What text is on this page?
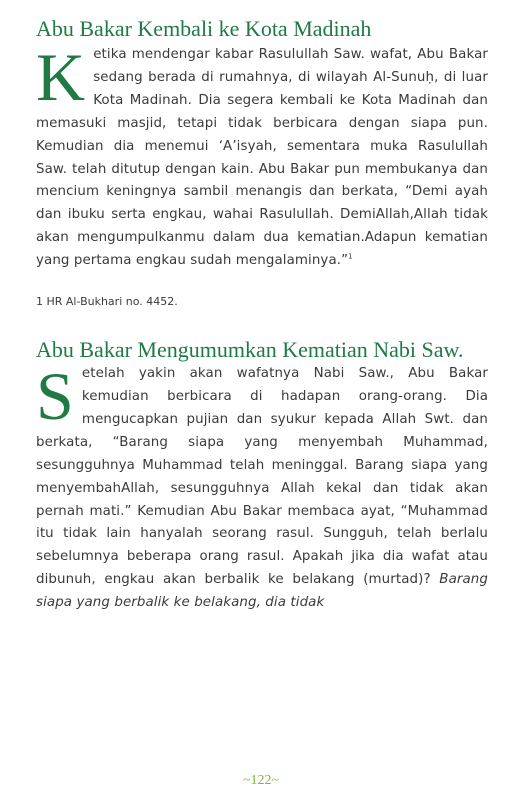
Abu Bakar Kembali ke Kota Madinah

Ketika mendengar kabar Rasulullah Saw. wafat, Abu Bakar sedang berada di rumahnya, di wilayah Al-Sunuḥ, di luar Kota Madinah. Dia segera kembali ke Kota Madinah dan memasuki masjid, tetapi tidak berbicara dengan siapa pun. Kemudian dia menemui ‘A’isyah, sementara muka Rasulullah Saw. telah ditutup dengan kain. Abu Bakar pun membukanya dan mencium keningnya sambil menangis dan berkata, “Demi ayah dan ibuku serta engkau, wahai Rasulullah. DemiAllah,Allah tidak akan mengumpulkanmu dalam dua kematian.Adapun kematian yang pertama engkau sudah mengalaminya.”$^1$

1 HR Al-Bukhari no. 4452.

Abu Bakar Mengumumkan Kematian Nabi Saw.

Setelah yakin akan wafatnya Nabi Saw., Abu Bakar kemudian berbicara di hadapan orang-orang. Dia mengucapkan pujian dan syukur kepada Allah Swt. dan berkata, “Barang siapa yang menyembah Muhammad, sesungguhnya Muhammad telah meninggal. Barang siapa yang menyembahAllah, sesungguhnya Allah kekal dan tidak akan pernah mati.” Kemudian Abu Bakar membaca ayat, “Muhammad itu tidak lain hanyalah seorang rasul. Sungguh, telah berlalu sebelumnya beberapa orang rasul. Apakah jika dia wafat atau dibunuh, engkau akan berbalik ke belakang (murtad)? Barang siapa yang berbalik ke belakang, dia tidak

~122~
